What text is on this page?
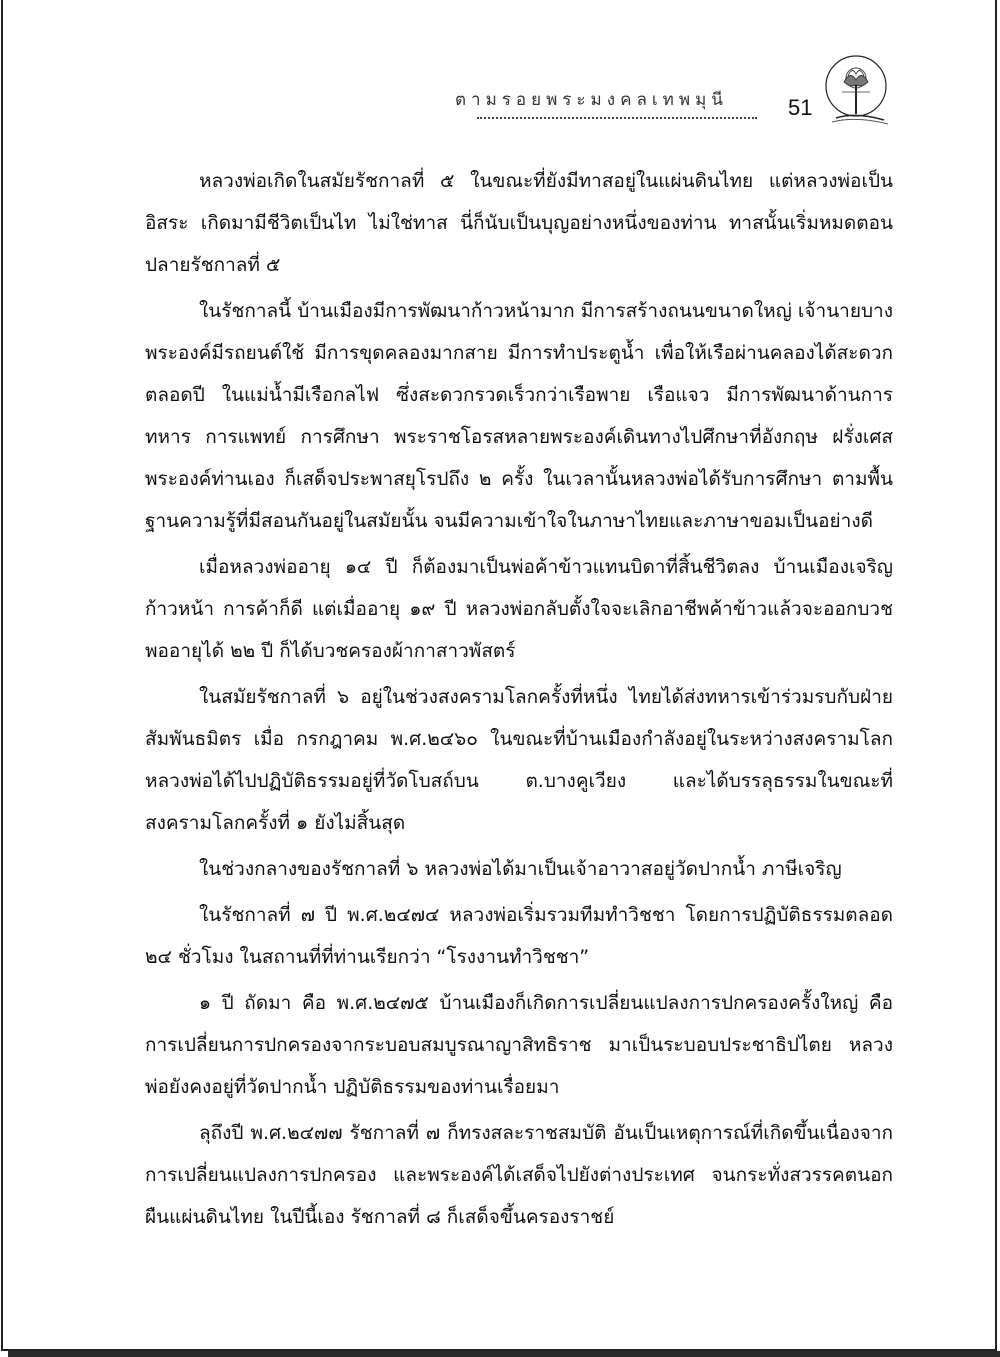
ตามรอยพระมงคลเทพมุนี	51

หลวงพ่อเกิดในสมัยรัชกาลที่ ๕ ในขณะที่ยังมีทาสอยู่ในแผ่นดินไทย แต่หลวงพ่อเป็นอิสระ เกิดมามีชีวิตเป็นไท ไม่ใช่ทาส นี่ก็นับเป็นบุญอย่างหนึ่งของท่าน ทาสนั้นเริ่มหมดตอนปลายรัชกาลที่ ๕

ในรัชกาลนี้ บ้านเมืองมีการพัฒนาก้าวหน้ามาก มีการสร้างถนนขนาดใหญ่ เจ้านายบางพระองค์มีรถยนต์ใช้ มีการขุดคลองมากสาย มีการทำประตูน้ำ เพื่อให้เรือผ่านคลองได้สะดวกตลอดปี ในแม่น้ำมีเรือกลไฟ ซึ่งสะดวกรวดเร็วกว่าเรือพาย เรือแจว มีการพัฒนาด้านการทหาร การแพทย์ การศึกษา พระราชโอรสหลายพระองค์เดินทางไปศึกษาที่อังกฤษ ฝรั่งเศส พระองค์ท่านเอง ก็เสด็จประพาสยุโรปถึง ๒ ครั้ง ในเวลานั้นหลวงพ่อได้รับการศึกษา ตามพื้นฐานความรู้ที่มีสอนกันอยู่ในสมัยนั้น จนมีความเข้าใจในภาษาไทยและภาษาขอมเป็นอย่างดี

เมื่อหลวงพ่ออายุ ๑๔ ปี ก็ต้องมาเป็นพ่อค้าข้าวแทนบิดาที่สิ้นชีวิตลง บ้านเมืองเจริญก้าวหน้า การค้าก็ดี แต่เมื่ออายุ ๑๙ ปี หลวงพ่อกลับตั้งใจจะเลิกอาชีพค้าข้าวแล้วจะออกบวช พออายุได้ ๒๒ ปี ก็ได้บวชครองผ้ากาสาวพัสตร์

ในสมัยรัชกาลที่ ๖ อยู่ในช่วงสงครามโลกครั้งที่หนึ่ง ไทยได้ส่งทหารเข้าร่วมรบกับฝ่ายสัมพันธมิตร เมื่อ กรกฎาคม พ.ศ.๒๔๖๐ ในขณะที่บ้านเมืองกำลังอยู่ในระหว่างสงครามโลก หลวงพ่อได้ไปปฏิบัติธรรมอยู่ที่วัดโบสถ์บน ต.บางคูเวียง และได้บรรลุธรรมในขณะที่สงครามโลกครั้งที่ ๑ ยังไม่สิ้นสุด

ในช่วงกลางของรัชกาลที่ ๖ หลวงพ่อได้มาเป็นเจ้าอาวาสอยู่วัดปากน้ำ ภาษีเจริญ

ในรัชกาลที่ ๗ ปี พ.ศ.๒๔๗๔ หลวงพ่อเริ่มรวมทีมทำวิชชา โดยการปฏิบัติธรรมตลอด ๒๔ ชั่วโมง ในสถานที่ที่ท่านเรียกว่า “โรงงานทำวิชชา”

๑ ปี ถัดมา คือ พ.ศ.๒๔๗๕ บ้านเมืองก็เกิดการเปลี่ยนแปลงการปกครองครั้งใหญ่ คือ การเปลี่ยนการปกครองจากระบอบสมบูรณาญาสิทธิราช มาเป็นระบอบประชาธิปไตย หลวงพ่อยังคงอยู่ที่วัดปากน้ำ ปฏิบัติธรรมของท่านเรื่อยมา

ลุถึงปี พ.ศ.๒๔๗๗ รัชกาลที่ ๗ ก็ทรงสละราชสมบัติ อันเป็นเหตุการณ์ที่เกิดขึ้นเนื่องจากการเปลี่ยนแปลงการปกครอง และพระองค์ได้เสด็จไปยังต่างประเทศ จนกระทั่งสวรรคตนอกผืนแผ่นดินไทย ในปีนี้เอง รัชกาลที่ ๘ ก็เสด็จขึ้นครองราชย์
